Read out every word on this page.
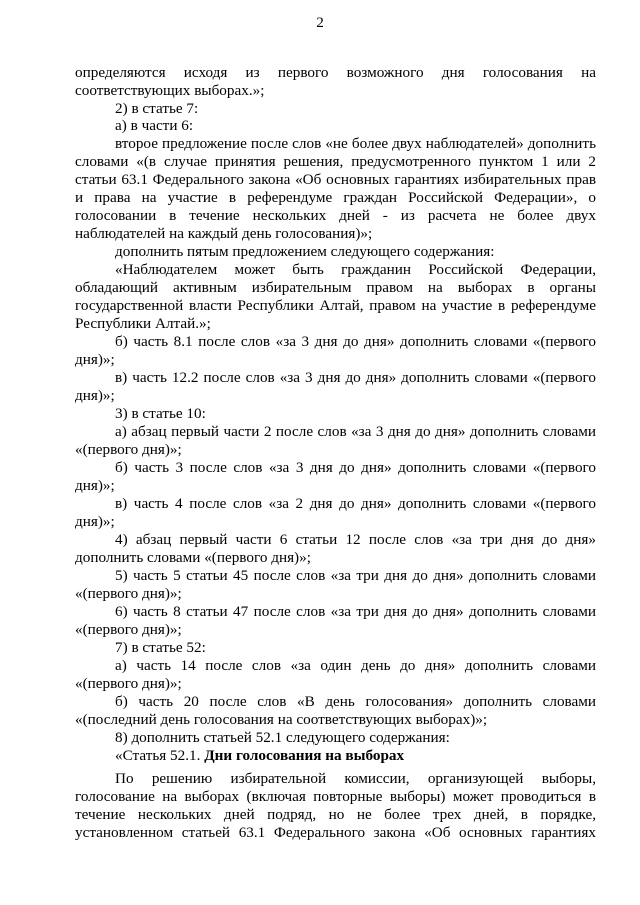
2
определяются исходя из первого возможного дня голосования на
соответствующих выборах.»;
2) в статье 7:
а) в части 6:
второе предложение после слов «не более двух наблюдателей» дополнить
словами «(в случае принятия решения, предусмотренного пунктом 1 или 2
статьи 63.1 Федерального закона «Об основных гарантиях избирательных прав
и права на участие в референдуме граждан Российской Федерации», о
голосовании в течение нескольких дней - из расчета не более двух
наблюдателей на каждый день голосования)»;
дополнить пятым предложением следующего содержания:
«Наблюдателем может быть гражданин Российской Федерации,
обладающий активным избирательным правом на выборах в органы
государственной власти Республики Алтай, правом на участие в референдуме
Республики Алтай.»;
б) часть 8.1 после слов «за 3 дня до дня» дополнить словами «(первого
дня)»;
в) часть 12.2 после слов «за 3 дня до дня» дополнить словами «(первого
дня)»;
3) в статье 10:
а) абзац первый части 2 после слов «за 3 дня до дня» дополнить словами
«(первого дня)»;
б) часть 3 после слов «за 3 дня до дня» дополнить словами «(первого
дня)»;
в) часть 4 после слов «за 2 дня до дня» дополнить словами «(первого
дня)»;
4) абзац первый части 6 статьи 12 после слов «за три дня до дня»
дополнить словами «(первого дня)»;
5) часть 5 статьи 45 после слов «за три дня до дня» дополнить словами
«(первого дня)»;
6) часть 8 статьи 47 после слов «за три дня до дня» дополнить словами
«(первого дня)»;
7) в статье 52:
а) часть 14 после слов «за один день до дня» дополнить словами
«(первого дня)»;
б) часть 20 после слов «В день голосования» дополнить словами
«(последний день голосования на соответствующих выборах)»;
8) дополнить статьей 52.1 следующего содержания:
«Статья 52.1. Дни голосования на выборах
По решению избирательной комиссии, организующей выборы,
голосование на выборах (включая повторные выборы) может проводиться в
течение нескольких дней подряд, но не более трех дней, в порядке,
установленном статьей 63.1 Федерального закона «Об основных гарантиях
